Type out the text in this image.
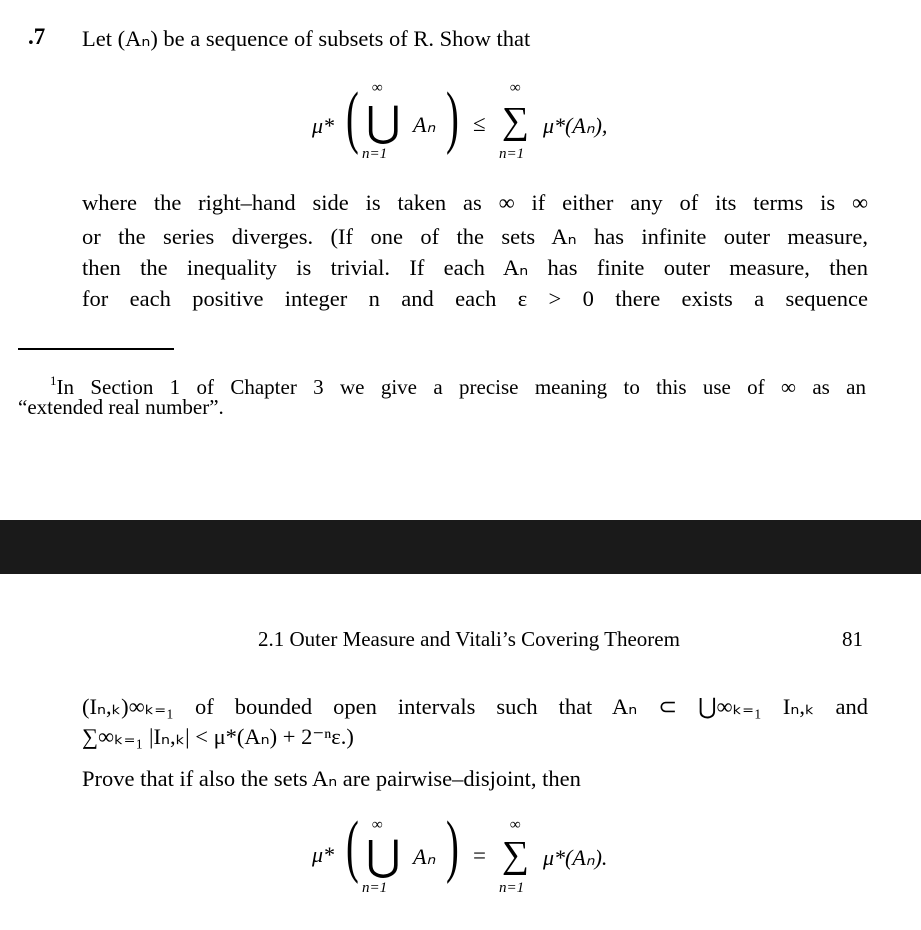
.7 Let (Aₙ) be a sequence of subsets of R. Show that
μ* ( ∞
⋃
n=1
Aₙ ) ≤
∞
∑
n=1
μ*(Aₙ),
where the right–hand side is taken as ∞ if either any of its terms is ∞
or the series diverges. (If one of the sets Aₙ has infinite outer measure,
then the inequality is trivial. If each Aₙ has finite outer measure, then
for each positive integer n and each ε > 0 there exists a sequence
$^1$In Section 1 of Chapter 3 we give a precise meaning to this use of ∞ as an
“extended real number”.
2.1 Outer Measure and Vitali’s Covering Theorem	81
(Iₙ,ₖ)∞ₖ₌₁ of bounded open intervals such that Aₙ ⊂ ⋃∞ₖ₌₁ Iₙ,ₖ and
∑∞ₖ₌₁ |Iₙ,ₖ| < μ*(Aₙ) + 2⁻ⁿε.)
Prove that if also the sets Aₙ are pairwise–disjoint, then
μ* ( ∞
⋃
n=1
Aₙ ) =
∞
∑
n=1
μ*(Aₙ).
